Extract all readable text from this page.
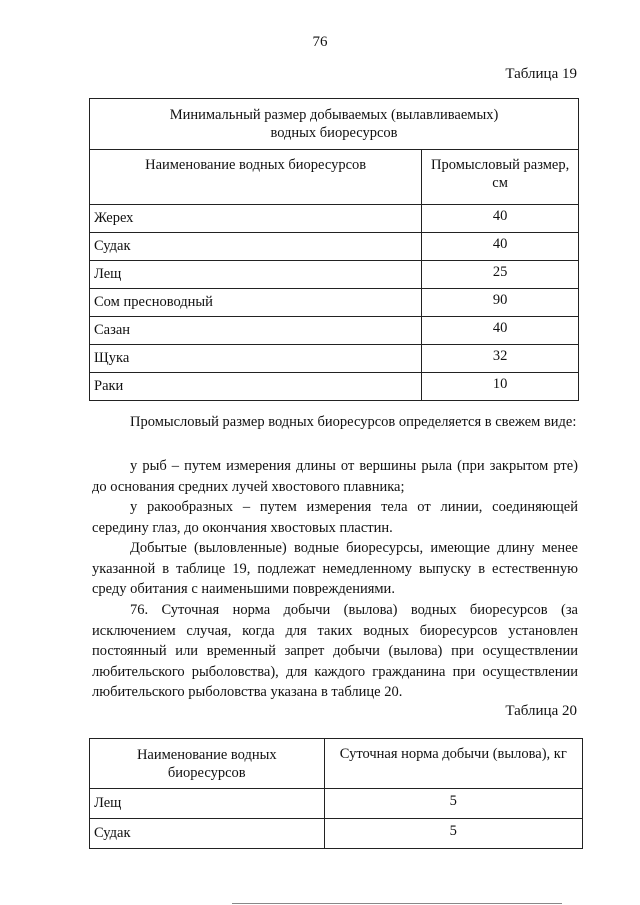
76
Таблица 19
Минимальный размер добываемых (вылавливаемых)
водных биоресурсов	
Наименование водных биоресурсов	Промысловый размер,
см
Жерех	40
Судак	40
Лещ	25
Сом пресноводный	90
Сазан	40
Щука	32
Раки	10

Промысловый размер водных биоресурсов определяется в свежем виде:

у рыб – путем измерения длины от вершины рыла (при закрытом рте) до основания средних лучей хвостового плавника;

у ракообразных – путем измерения тела от линии, соединяющей середину глаз, до окончания хвостовых пластин.

Добытые (выловленные) водные биоресурсы, имеющие длину менее указанной в таблице 19, подлежат немедленному выпуску в естественную среду обитания с наименьшими повреждениями.

76. Суточная норма добычи (вылова) водных биоресурсов (за исключением случая, когда для таких водных биоресурсов установлен постоянный или временный запрет добычи (вылова) при осуществлении любительского рыболовства), для каждого гражданина при осуществлении любительского рыболовства указана в таблице 20.

Таблица 20
Наименование водных
биоресурсов	Суточная норма добычи (вылова), кг
Лещ	5
Судак	5
